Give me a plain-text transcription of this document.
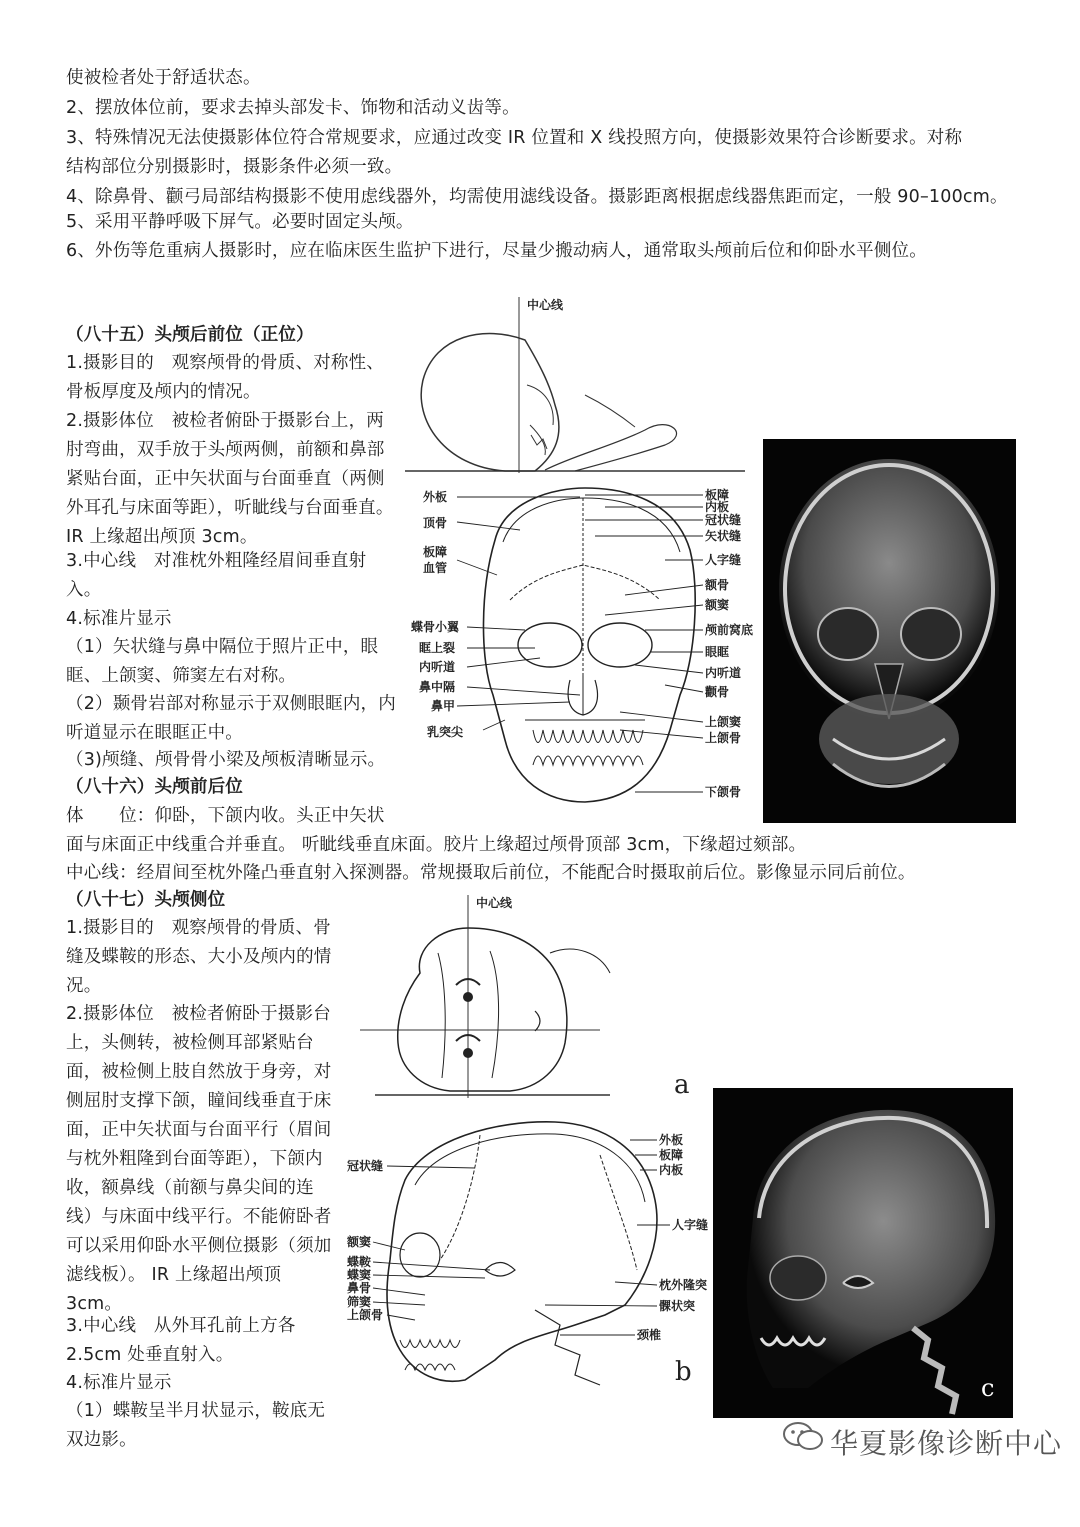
使被检者处于舒适状态。
2、摆放体位前，要求去掉头部发卡、饰物和活动义齿等。
3、特殊情况无法使摄影体位符合常规要求，应通过改变 IR 位置和 X 线投照方向，使摄影效果符合诊断要求。对称
结构部位分别摄影时，摄影条件必须一致。
4、除鼻骨、颧弓局部结构摄影不使用虑线器外，均需使用滤线设备。摄影距离根据虑线器焦距而定，一般 90–100cm。
5、采用平静呼吸下屏气。必要时固定头颅。
6、外伤等危重病人摄影时，应在临床医生监护下进行，尽量少搬动病人，通常取头颅前后位和仰卧水平侧位。
（八十五）头颅后前位（正位）
1.摄影目的　观察颅骨的骨质、对称性、骨板厚度及颅内的情况。
2.摄影体位　被检者俯卧于摄影台上，两肘弯曲，双手放于头颅两侧，前额和鼻部紧贴台面，正中矢状面与台面垂直（两侧外耳孔与床面等距），听眦线与台面垂直。IR 上缘超出颅顶 3cm。
3.中心线　对准枕外粗隆经眉间垂直射入。
4.标准片显示
（1）矢状缝与鼻中隔位于照片正中，眼眶、上颌窦、筛窦左右对称。
（2）颞骨岩部对称显示于双侧眼眶内，内听道显示在眼眶正中。
（3)颅缝、颅骨骨小梁及颅板清晰显示。
（八十六）头颅前后位
体　　位：仰卧，下颌内收。头正中矢状
面与床面正中线重合并垂直。 听眦线垂直床面。胶片上缘超过颅骨顶部 3cm，下缘超过颏部。
中心线：经眉间至枕外隆凸垂直射入探测器。常规摄取后前位，不能配合时摄取前后位。影像显示同后前位。
（八十七）头颅侧位
1.摄影目的　观察颅骨的骨质、骨缝及蝶鞍的形态、大小及颅内的情况。
2.摄影体位　被检者俯卧于摄影台上，头侧转，被检侧耳部紧贴台面，被检侧上肢自然放于身旁，对侧屈肘支撑下颌，瞳间线垂直于床面，正中矢状面与台面平行（眉间与枕外粗隆到台面等距），下颌内收，额鼻线（前额与鼻尖间的连线）与床面中线平行。不能俯卧者可以采用仰卧水平侧位摄影（须加滤线板）。 IR 上缘超出颅顶 3cm。
3.中心线　从外耳孔前上方各 2.5cm 处垂直射入。
4.标准片显示
（1）蝶鞍呈半月状显示，鞍底无双边影。
中心线
外板
顶骨
板障
血管
蝶骨小翼
眶上裂
内听道
鼻中隔
鼻甲
乳突尖
板障
内板
冠状缝
矢状缝
人字缝
额骨
额窦
颅前窝底
眼眶
内听道
颧骨
上颌窦
上颌骨
下颌骨
中心线
a
冠状缝
额窦
蝶鞍
蝶窦
鼻骨
筛窦
上颌骨
外板
板障
内板
人字缝
枕外隆突
髁状突
颈椎
b
c
华夏影像诊断中心
